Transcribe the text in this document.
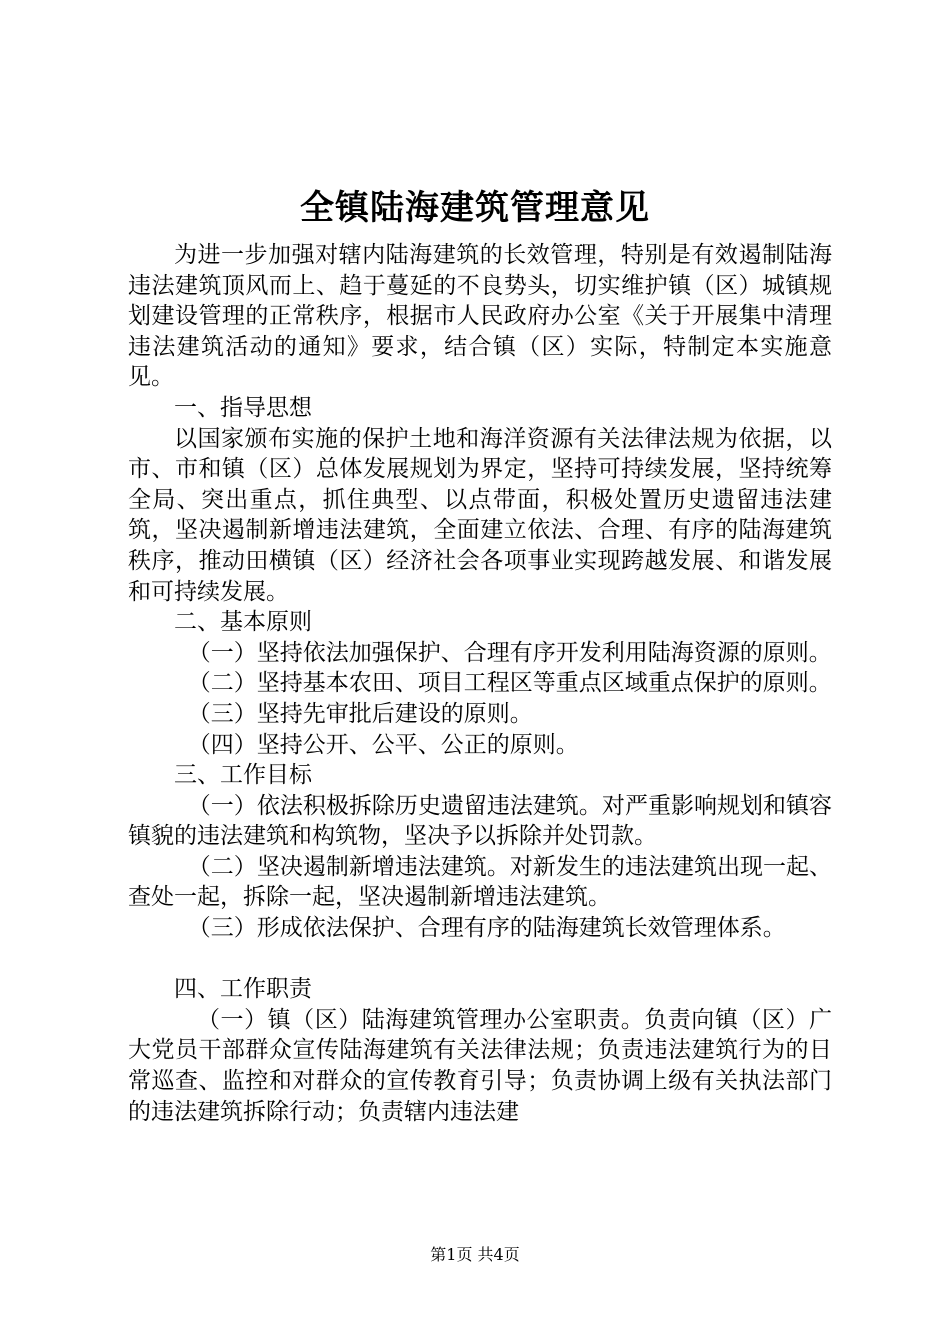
全镇陆海建筑管理意见

为进一步加强对辖内陆海建筑的长效管理，特别是有效遏制陆海违法建筑顶风而上、趋于蔓延的不良势头，切实维护镇（区）城镇规划建设管理的正常秩序，根据市人民政府办公室《关于开展集中清理违法建筑活动的通知》要求，结合镇（区）实际，特制定本实施意见。

一、指导思想

以国家颁布实施的保护土地和海洋资源有关法律法规为依据，以市、市和镇（区）总体发展规划为界定，坚持可持续发展，坚持统筹全局、突出重点，抓住典型、以点带面，积极处置历史遗留违法建筑，坚决遏制新增违法建筑，全面建立依法、合理、有序的陆海建筑秩序，推动田横镇（区）经济社会各项事业实现跨越发展、和谐发展和可持续发展。

二、基本原则

（一）坚持依法加强保护、合理有序开发利用陆海资源的原则。

（二）坚持基本农田、项目工程区等重点区域重点保护的原则。

（三）坚持先审批后建设的原则。

（四）坚持公开、公平、公正的原则。

三、工作目标

（一）依法积极拆除历史遗留违法建筑。对严重影响规划和镇容镇貌的违法建筑和构筑物，坚决予以拆除并处罚款。

（二）坚决遏制新增违法建筑。对新发生的违法建筑出现一起、查处一起，拆除一起，坚决遏制新增违法建筑。

（三）形成依法保护、合理有序的陆海建筑长效管理体系。

四、工作职责

（一）镇（区）陆海建筑管理办公室职责。负责向镇（区）广大党员干部群众宣传陆海建筑有关法律法规；负责违法建筑行为的日常巡查、监控和对群众的宣传教育引导；负责协调上级有关执法部门的违法建筑拆除行动；负责辖内违法建

第1页 共4页
